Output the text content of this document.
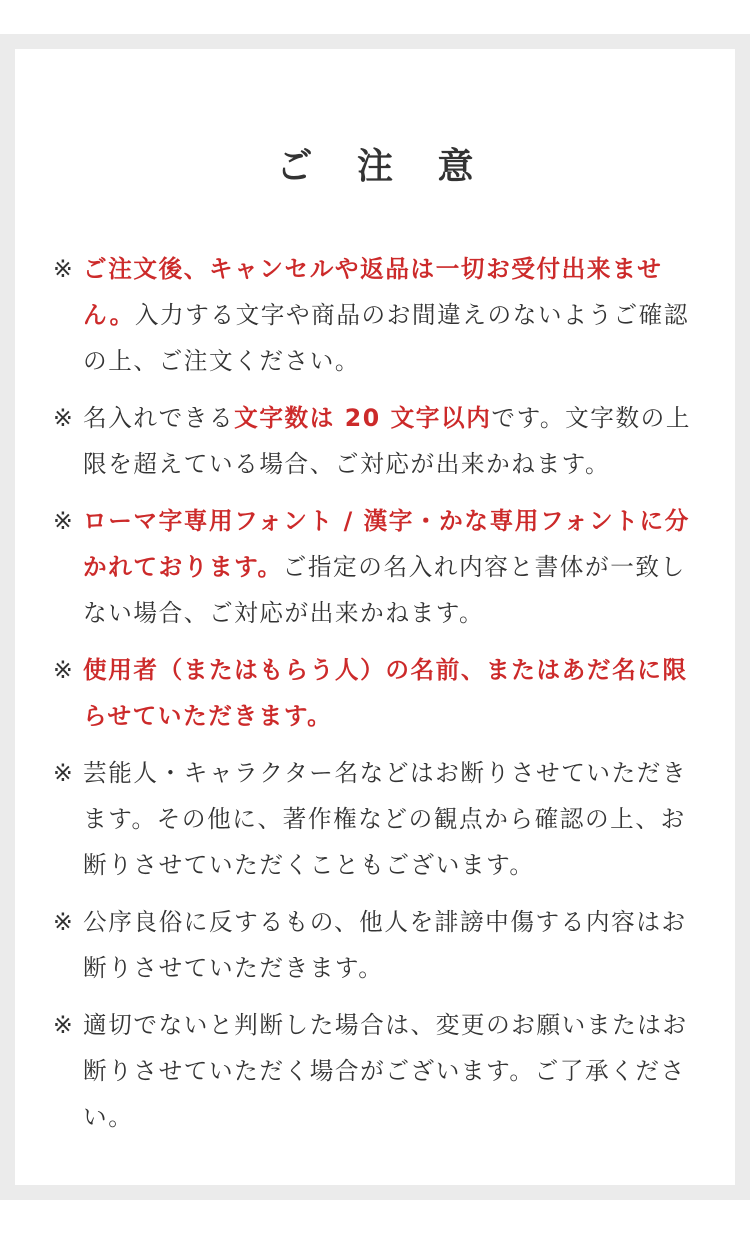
ご 注 意
※ ご注文後、キャンセルや返品は一切お受付出来ません。入力する文字や商品のお間違えのないようご確認の上、ご注文ください。
※ 名入れできる文字数は 20 文字以内です。文字数の上限を超えている場合、ご対応が出来かねます。
※ ローマ字専用フォント / 漢字・かな専用フォントに分かれております。ご指定の名入れ内容と書体が一致しない場合、ご対応が出来かねます。
※ 使用者（またはもらう人）の名前、またはあだ名に限らせていただきます。
※ 芸能人・キャラクター名などはお断りさせていただきます。その他に、著作権などの観点から確認の上、お断りさせていただくこともございます。
※ 公序良俗に反するもの、他人を誹謗中傷する内容はお断りさせていただきます。
※ 適切でないと判断した場合は、変更のお願いまたはお断りさせていただく場合がございます。ご了承ください。
